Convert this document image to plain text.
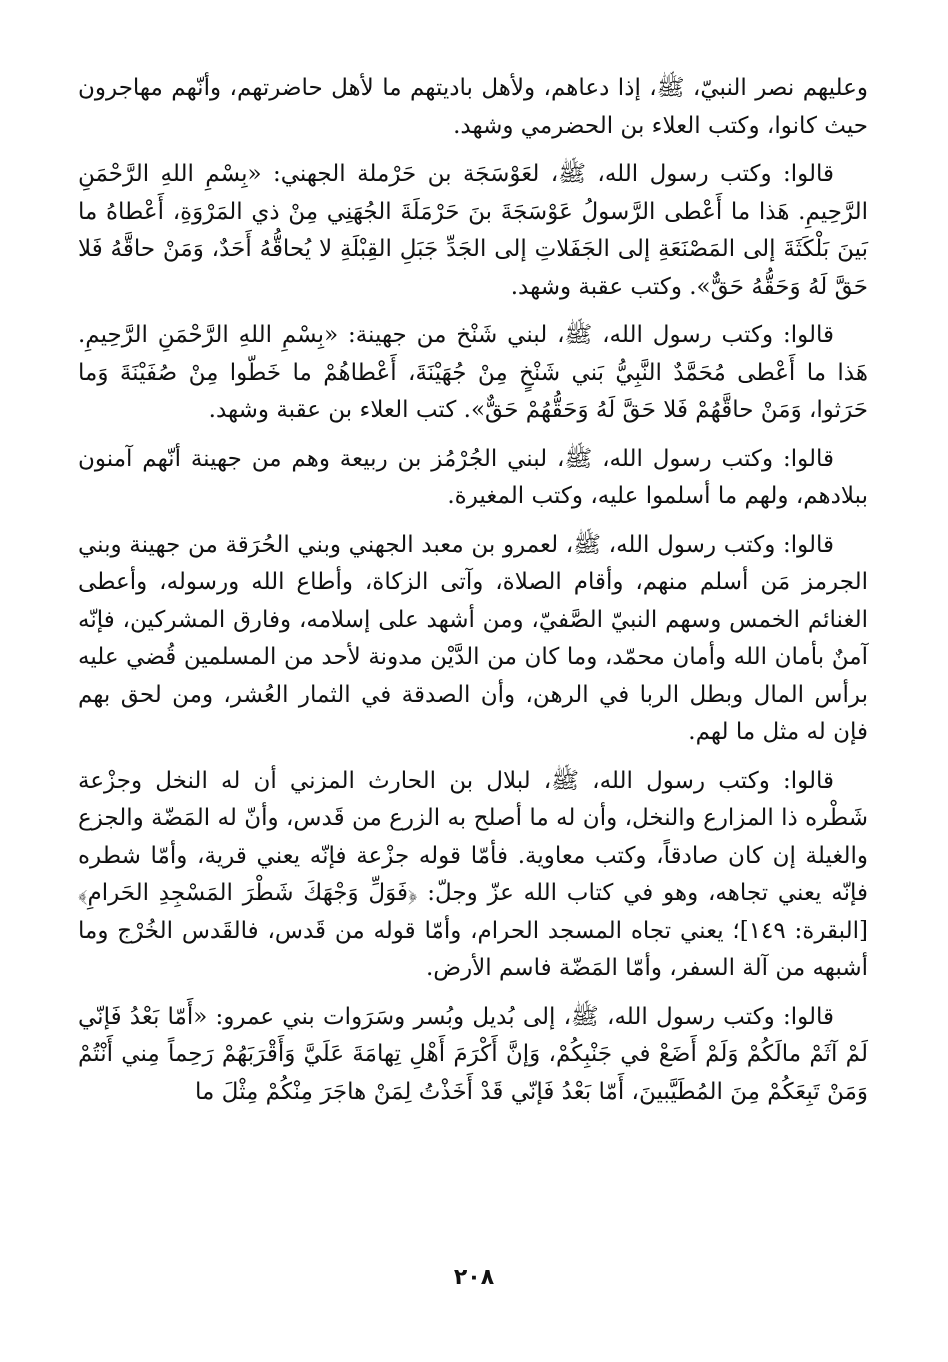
وعليهم نصر النبيّ، ﷺ، إذا دعاهم، ولأهل باديتهم ما لأهل حاضرتهم، وأنّهم مهاجرون حيث كانوا، وكتب العلاء بن الحضرمي وشهد.

قالوا: وكتب رسول الله، ﷺ، لعَوْسَجَة بن حَرْملة الجهني: «بِسْمِ اللهِ الرَّحْمَنِ الرَّحِيمِ. هَذا ما أَعْطى الرَّسولُ عَوْسَجَةَ بنَ حَرْمَلَةَ الجُهَنِي مِنْ ذي المَرْوَةِ، أَعْطاهُ ما بَينَ بَلْكَثَةَ إلى المَصْنَعَةِ إلى الجَفَلاتِ إلى الجَدِّ جَبَلِ القِبْلَةِ لا يُحاقُّهُ أَحَدٌ، وَمَنْ حاقَّهُ فَلا حَقَّ لَهُ وَحَقُّهُ حَقٌّ». وكتب عقبة وشهد.

قالوا: وكتب رسول الله، ﷺ، لبني شَنْخ من جهينة: «بِسْمِ اللهِ الرَّحْمَنِ الرَّحِيمِ. هَذا ما أَعْطى مُحَمَّدٌ النَّبِيُّ بَني شَنْخٍ مِنْ جُهَيْنَةَ، أَعْطاهُمْ ما خَطّوا مِنْ صُفَيْنَةَ وَما حَرَثوا، وَمَنْ حاقَّهُمْ فَلا حَقَّ لَهُ وَحَقُّهُمْ حَقٌّ». كتب العلاء بن عقبة وشهد.

قالوا: وكتب رسول الله، ﷺ، لبني الجُرْمُز بن ربيعة وهم من جهينة أنّهم آمنون ببلادهم، ولهم ما أسلموا عليه، وكتب المغيرة.

قالوا: وكتب رسول الله، ﷺ، لعمرو بن معبد الجهني وبني الحُرَقة من جهينة وبني الجرمز مَن أسلم منهم، وأقام الصلاة، وآتى الزكاة، وأطاع الله ورسوله، وأعطى الغنائم الخمس وسهم النبيّ الصَّفيّ، ومن أشهد على إسلامه، وفارق المشركين، فإنّه آمنٌ بأمان الله وأمان محمّد، وما كان من الدَّيْن مدونة لأحد من المسلمين قُضي عليه برأس المال وبطل الربا في الرهن، وأن الصدقة في الثمار العُشر، ومن لحق بهم فإن له مثل ما لهم.

قالوا: وكتب رسول الله، ﷺ، لبلال بن الحارث المزني أن له النخل وجزْعة شَطْره ذا المزارع والنخل، وأن له ما أصلح به الزرع من قَدس، وأنّ له المَضّة والجزع والغيلة إن كان صادقاً، وكتب معاوية. فأمّا قوله جزْعة فإنّه يعني قرية، وأمّا شطره فإنّه يعني تجاهه، وهو في كتاب الله عزّ وجلّ: ﴿فَوَلِّ وَجْهَكَ شَطْرَ المَسْجِدِ الحَرامِ﴾ [البقرة: ١٤٩]؛ يعني تجاه المسجد الحرام، وأمّا قوله من قَدس، فالقَدس الخُرْج وما أشبهه من آلة السفر، وأمّا المَضّة فاسم الأرض.

قالوا: وكتب رسول الله، ﷺ، إلى بُديل وبُسر وسَرَوات بني عمرو: «أَمّا بَعْدُ فَإنّي لَمْ آثَمْ مالَكُمْ وَلَمْ أَضَعْ في جَنْبِكُمْ، وَإنَّ أَكْرَمَ أَهْلِ تِهامَةَ عَلَيَّ وَأَقْرَبَهُمْ رَحِماً مِني أَنْتُمْ وَمَنْ تَبِعَكُمْ مِنَ المُطَيَّبينَ، أَمّا بَعْدُ فَإنّي قَدْ أَخَذْتُ لِمَنْ هاجَرَ مِنْكُمْ مِثْلَ ما

٢٠٨
